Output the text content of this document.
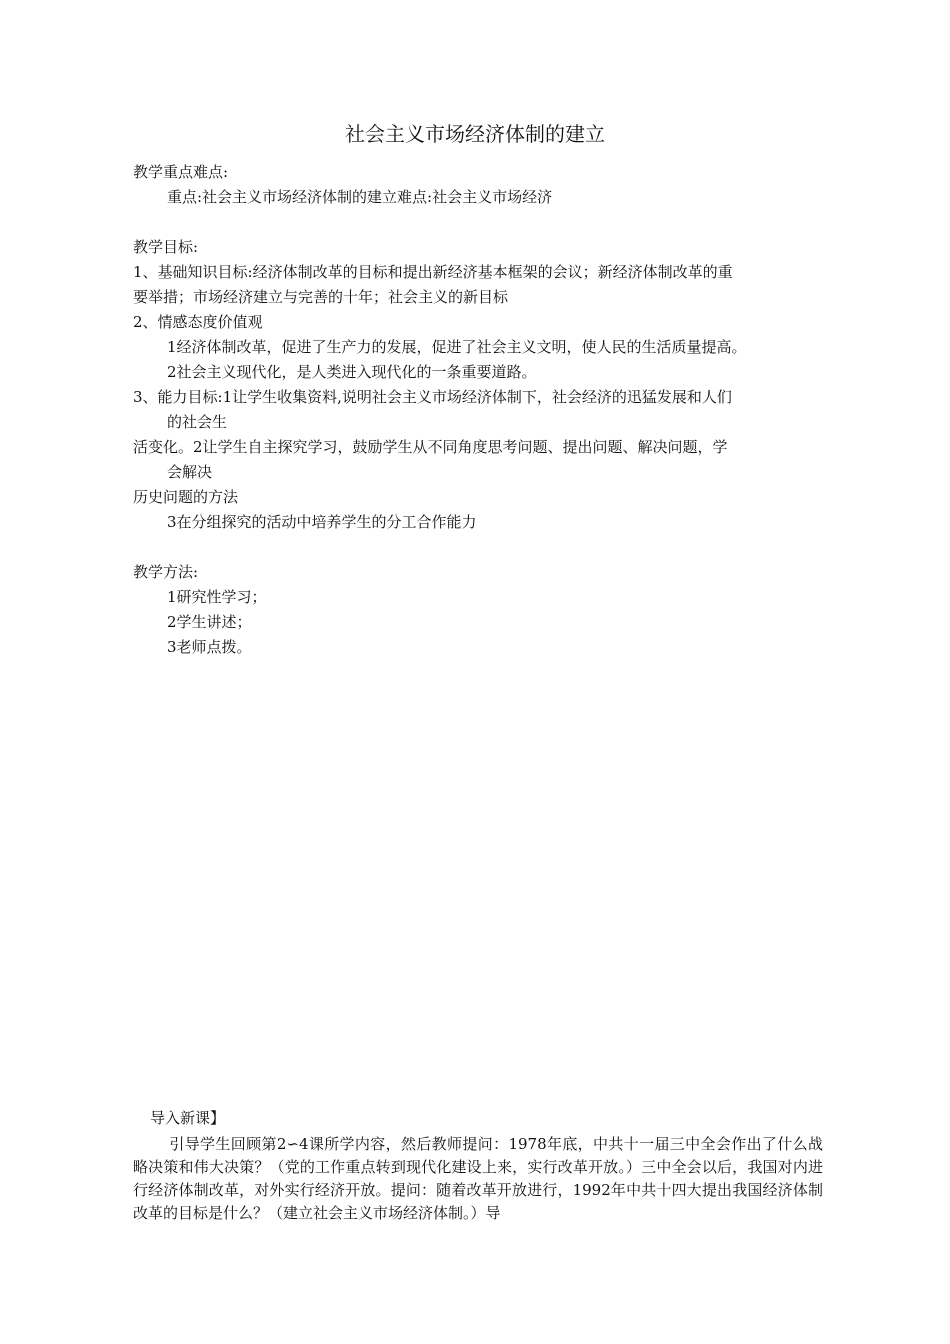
社会主义市场经济体制的建立
教学重点难点:
重点:社会主义市场经济体制的建立难点:社会主义市场经济
教学目标:
1、基础知识目标:经济体制改革的目标和提出新经济基本框架的会议；新经济体制改革的重
要举措；市场经济建立与完善的十年；社会主义的新目标
2、情感态度价值观
1经济体制改革，促进了生产力的发展，促进了社会主义文明，使人民的生活质量提高。
2社会主义现代化，是人类进入现代化的一条重要道路。
3、能力目标:1让学生收集资料,说明社会主义市场经济体制下，社会经济的迅猛发展和人们
的社会生
活变化。2让学生自主探究学习，鼓励学生从不同角度思考问题、提出问题、解决问题，学
会解决
历史问题的方法
3在分组探究的活动中培养学生的分工合作能力
教学方法:
1研究性学习；
2学生讲述；
3老师点拨。
导入新课】
引导学生回顾第2∽4课所学内容，然后教师提问：1978年底，中共十一届三中全会作出了什么战略决策和伟大决策？（党的工作重点转到现代化建设上来，实行改革开放。）三中全会以后，我国对内进行经济体制改革，对外实行经济开放。提问：随着改革开放进行，1992年中共十四大提出我国经济体制改革的目标是什么？（建立社会主义市场经济体制。）导
